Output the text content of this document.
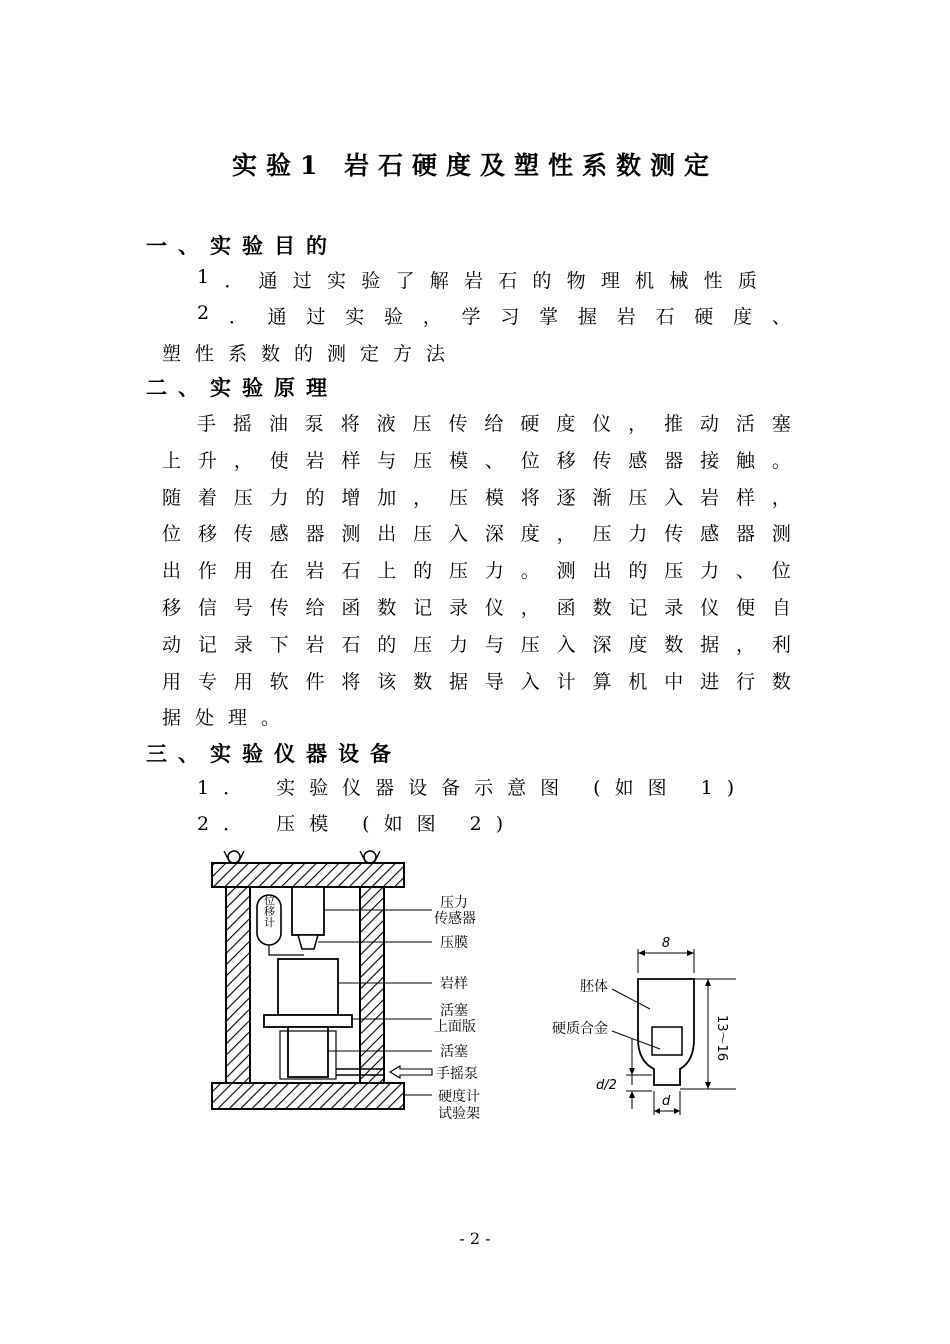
实验1 岩石硬度及塑性系数测定
一、实验目的
1 ． 通 过 实 验 了 解 岩 石 的 物 理 机 械 性 质
2 ． 通 过 实 验 ， 学 习 掌 握 岩 石 硬 度 、
塑性系数的测定方法
二、实验原理
手 摇 油 泵 将 液 压 传 给 硬 度 仪 ， 推 动 活 塞
上 升 ， 使 岩 样 与 压 模 、 位 移 传 感 器 接 触 。
随 着 压 力 的 增 加 ， 压 模 将 逐 渐 压 入 岩 样 ，
位 移 传 感 器 测 出 压 入 深 度 ， 压 力 传 感 器 测
出 作 用 在 岩 石 上 的 压 力 。 测 出 的 压 力 、 位
移 信 号 传 给 函 数 记 录 仪 ， 函 数 记 录 仪 便 自
动 记 录 下 岩 石 的 压 力 与 压 入 深 度 数 据 ， 利
用 专 用 软 件 将 该 数 据 导 入 计 算 机 中 进 行 数
据处理。
三、实验仪器设备
1． 实验仪器设备示意图 (如图 1)
2． 压模 (如图 2)
位移计	压力
传感器
压膜
岩样
活塞
上面版
活塞
手摇泵
硬度计
试验架
8
13～16
胚体
硬质合金
d/2
d
- 2 -
